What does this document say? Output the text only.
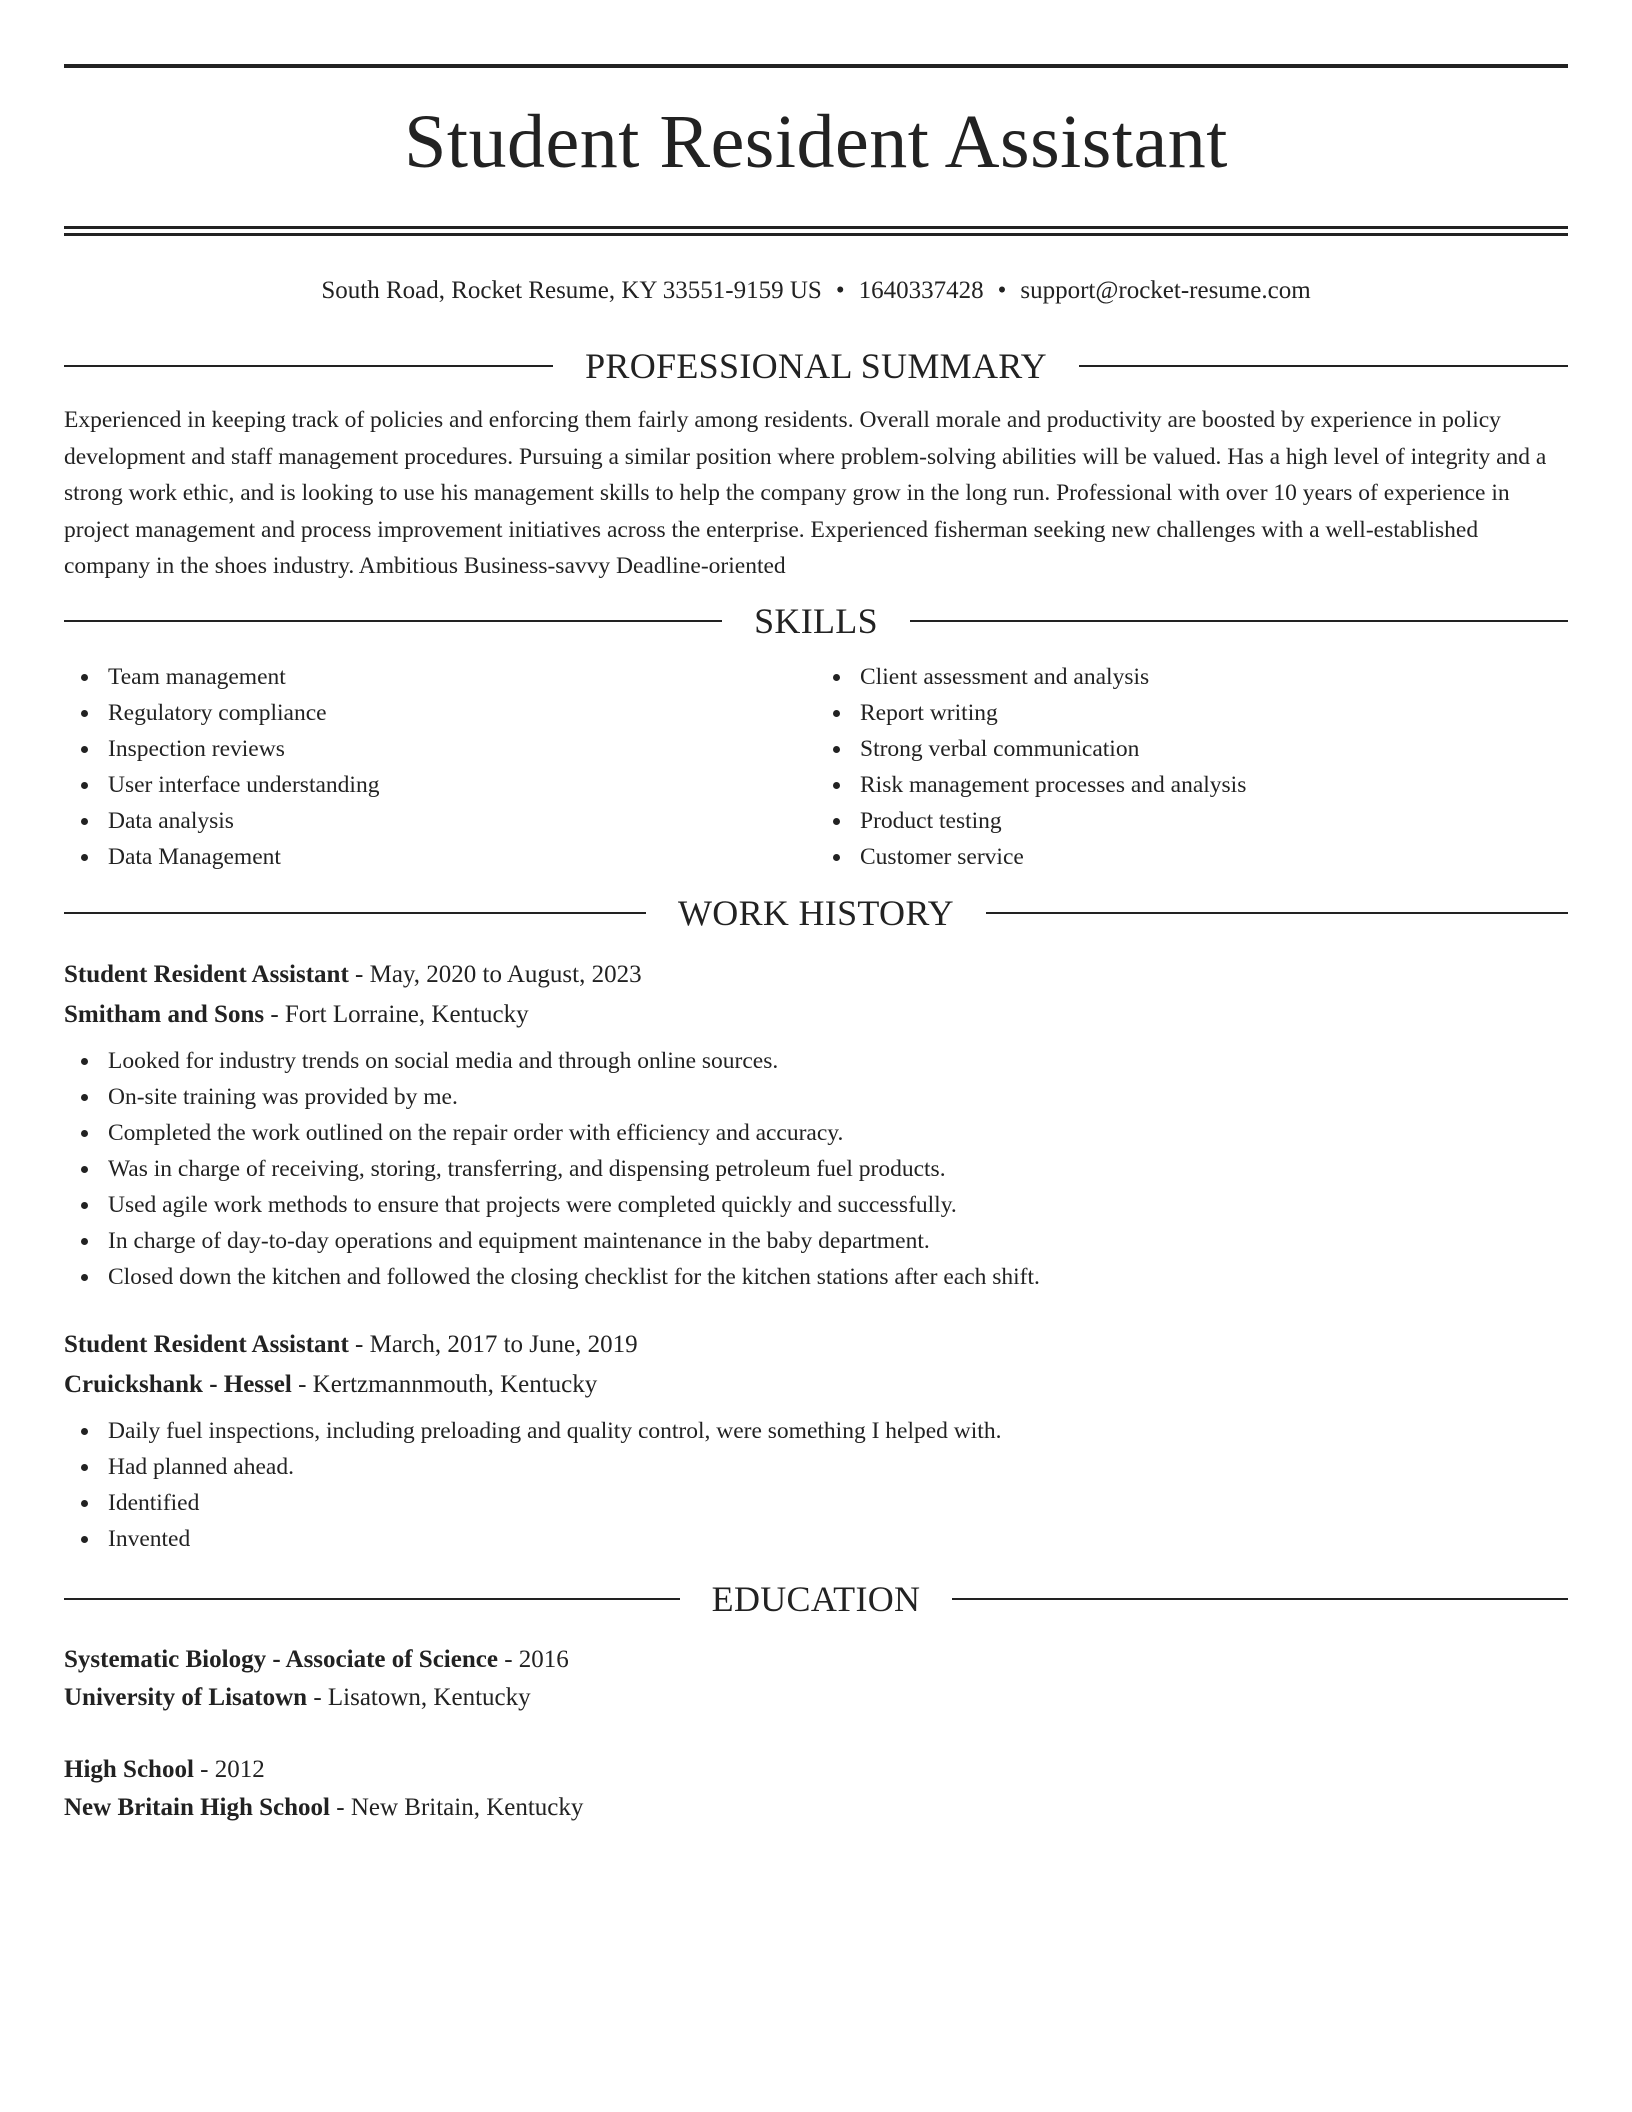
Student Resident Assistant
South Road, Rocket Resume, KY 33551-9159 US • 1640337428 • support@rocket-resume.com
PROFESSIONAL SUMMARY

Experienced in keeping track of policies and enforcing them fairly among residents. Overall morale and productivity are boosted by experience in policy development and staff management procedures. Pursuing a similar position where problem-solving abilities will be valued. Has a high level of integrity and a strong work ethic, and is looking to use his management skills to help the company grow in the long run. Professional with over 10 years of experience in project management and process improvement initiatives across the enterprise. Experienced fisherman seeking new challenges with a well-established company in the shoes industry. Ambitious Business-savvy Deadline-oriented

SKILLS
Team management
Regulatory compliance
Inspection reviews
User interface understanding
Data analysis
Data Management
Client assessment and analysis
Report writing
Strong verbal communication
Risk management processes and analysis
Product testing
Customer service
WORK HISTORY
Student Resident Assistant - May, 2020 to August, 2023
Smitham and Sons - Fort Lorraine, Kentucky
Looked for industry trends on social media and through online sources.
On-site training was provided by me.
Completed the work outlined on the repair order with efficiency and accuracy.
Was in charge of receiving, storing, transferring, and dispensing petroleum fuel products.
Used agile work methods to ensure that projects were completed quickly and successfully.
In charge of day-to-day operations and equipment maintenance in the baby department.
Closed down the kitchen and followed the closing checklist for the kitchen stations after each shift.
Student Resident Assistant - March, 2017 to June, 2019
Cruickshank - Hessel - Kertzmannmouth, Kentucky
Daily fuel inspections, including preloading and quality control, were something I helped with.
Had planned ahead.
Identified
Invented
EDUCATION
Systematic Biology - Associate of Science - 2016
University of Lisatown - Lisatown, Kentucky
High School - 2012
New Britain High School - New Britain, Kentucky
